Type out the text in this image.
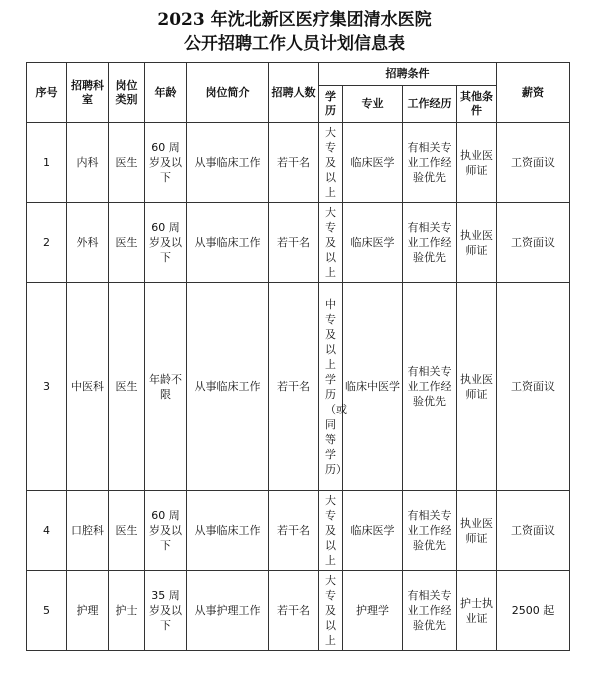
2023 年沈北新区医疗集团清水医院
公开招聘工作人员计划信息表
序号	招聘科室	岗位类别	年龄	岗位简介	招聘人数	招聘条件				薪资
						学历	专业	工作经历	其他条件	
1	内科	医生	60 周岁及以下	从事临床工作	若干名	大专及以上	临床医学	有相关专业工作经验优先	执业医师证	工资面议
2	外科	医生	60 周岁及以下	从事临床工作	若干名	大专及以上	临床医学	有相关专业工作经验优先	执业医师证	工资面议
3	中医科	医生	年龄不限	从事临床工作	若干名	中专及以上学历（或同等学历）	临床中医学	有相关专业工作经验优先	执业医师证	工资面议
4	口腔科	医生	60 周岁及以下	从事临床工作	若干名	大专及以上	临床医学	有相关专业工作经验优先	执业医师证	工资面议
5	护理	护士	35 周岁及以下	从事护理工作	若干名	大专及以上	护理学	有相关专业工作经验优先	护士执业证	2500 起
